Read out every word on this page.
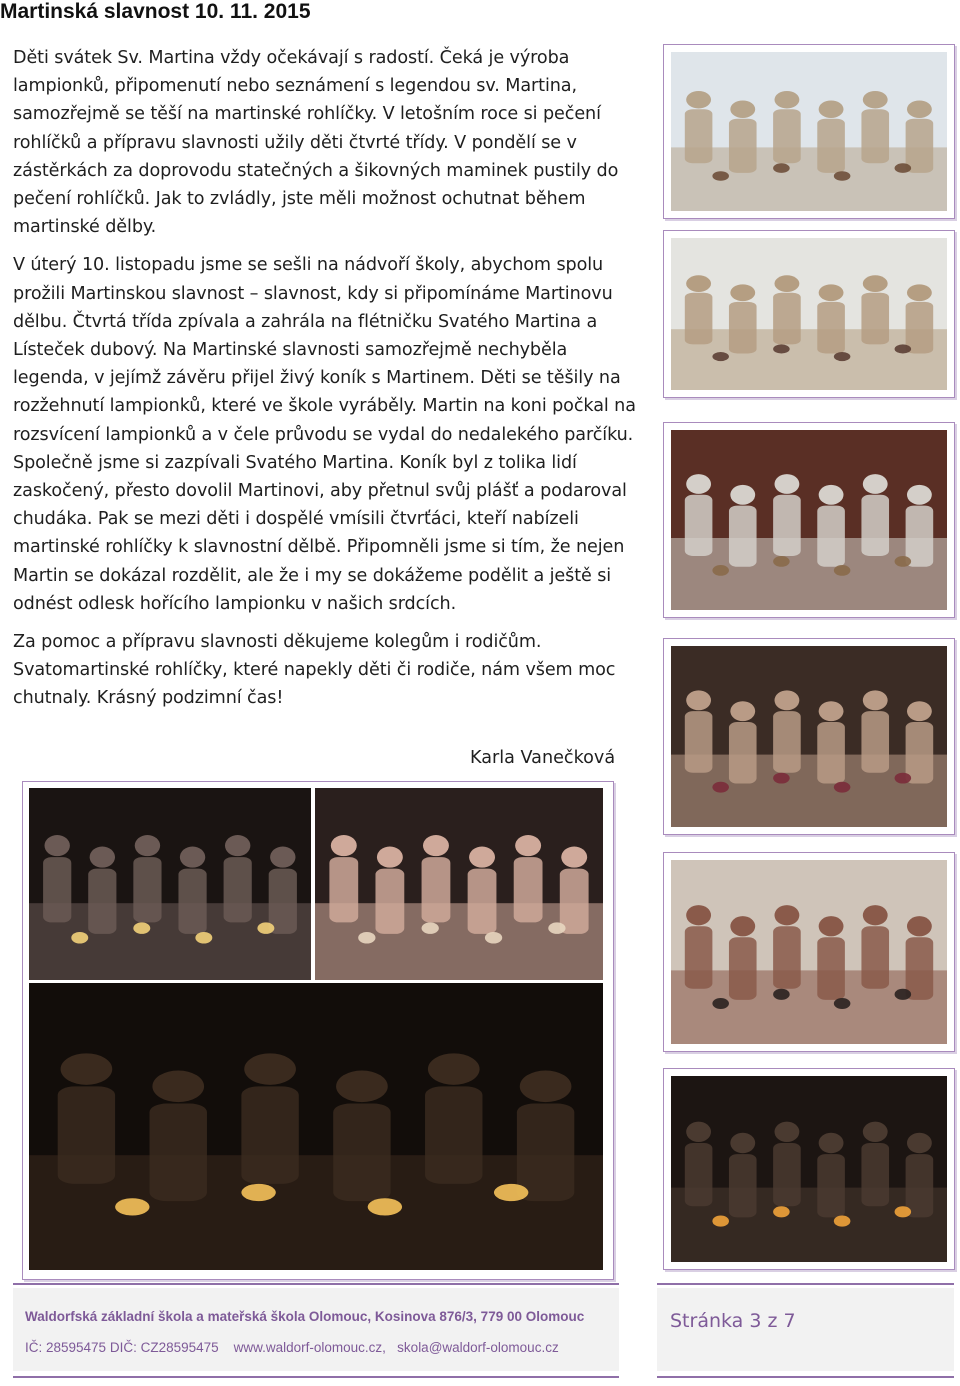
Martinská slavnost 10. 11. 2015

Děti svátek Sv. Martina vždy očekávají s radostí. Čeká je výroba lampionků, připomenutí nebo seznámení s legendou sv. Martina, samozřejmě se těší na martinské rohlíčky. V letošním roce si pečení rohlíčků a přípravu slavnosti užily děti čtvrté třídy. V pondělí se v zástěrkách za doprovodu statečných a šikovných maminek pustily do pečení rohlíčků. Jak to zvládly, jste měli možnost ochutnat během martinské dělby.

V úterý 10. listopadu jsme se sešli na nádvoří školy, abychom spolu prožili Martinskou slavnost – slavnost, kdy si připomínáme Martinovu dělbu. Čtvrtá třída zpívala a zahrála na flétničku Svatého Martina a Lísteček dubový. Na Martinské slavnosti samozřejmě nechyběla legenda, v jejímž závěru přijel živý koník s Martinem. Děti se těšily na rozžehnutí lampionků, které ve škole vyráběly. Martin na koni počkal na rozsvícení lampionků a v čele průvodu se vydal do nedalekého parčíku. Společně jsme si zazpívali Svatého Martina. Koník byl z tolika lidí zaskočený, přesto dovolil Martinovi, aby přetnul svůj plášť a podaroval chudáka. Pak se mezi děti i dospělé vmísili čtvrťáci, kteří nabízeli martinské rohlíčky k slavnostní dělbě. Připomněli jsme si tím, že nejen Martin se dokázal rozdělit, ale že i my se dokážeme podělit a ještě si odnést odlesk hořícího lampionku v našich srdcích.

Za pomoc a přípravu slavnosti děkujeme kolegům i rodičům. Svatomartinské rohlíčky, které napekly děti či rodiče, nám všem moc chutnaly. Krásný podzimní čas!

Karla Vanečková
Waldorfská základní škola a mateřská škola Olomouc, Kosinova 876/3, 779 00 Olomouc
IČ: 28595475 DIČ: CZ28595475    www.waldorf-olomouc.cz,   skola@waldorf-olomouc.cz
Stránka 3 z 7
